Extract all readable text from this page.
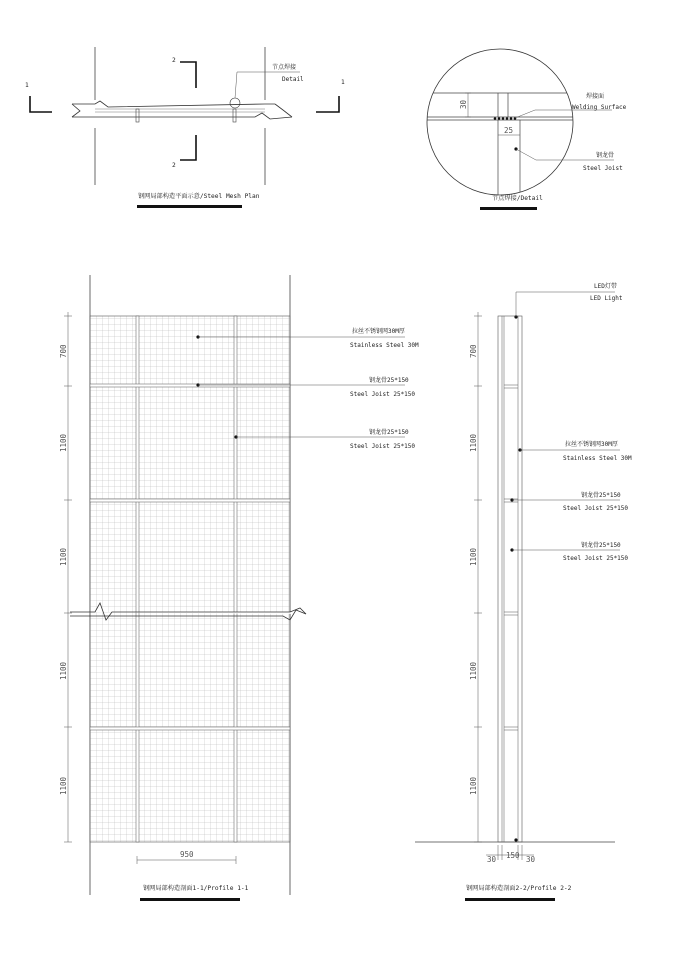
1	1
2
2
节点焊接
Detail
钢网局部构造平面示意/Steel Mesh Plan
30
25
焊接面
Welding Surface
钢龙骨
Steel Joist
节点焊接/Detail
700
1100
1100
1100
1100
950
拉丝不锈钢网30M厚
Stainless Steel 30M
钢龙骨25*150
Steel Joist 25*150
钢龙骨25*150
Steel Joist 25*150
钢网局部构造剖面1-1/Profile 1-1
700
1100
1100
1100
1100
30 150 30
LED灯带
LED Light
拉丝不锈钢网30M厚
Stainless Steel 30M
钢龙骨25*150
Steel Joist 25*150
钢龙骨25*150
Steel Joist 25*150
钢网局部构造剖面2-2/Profile 2-2
